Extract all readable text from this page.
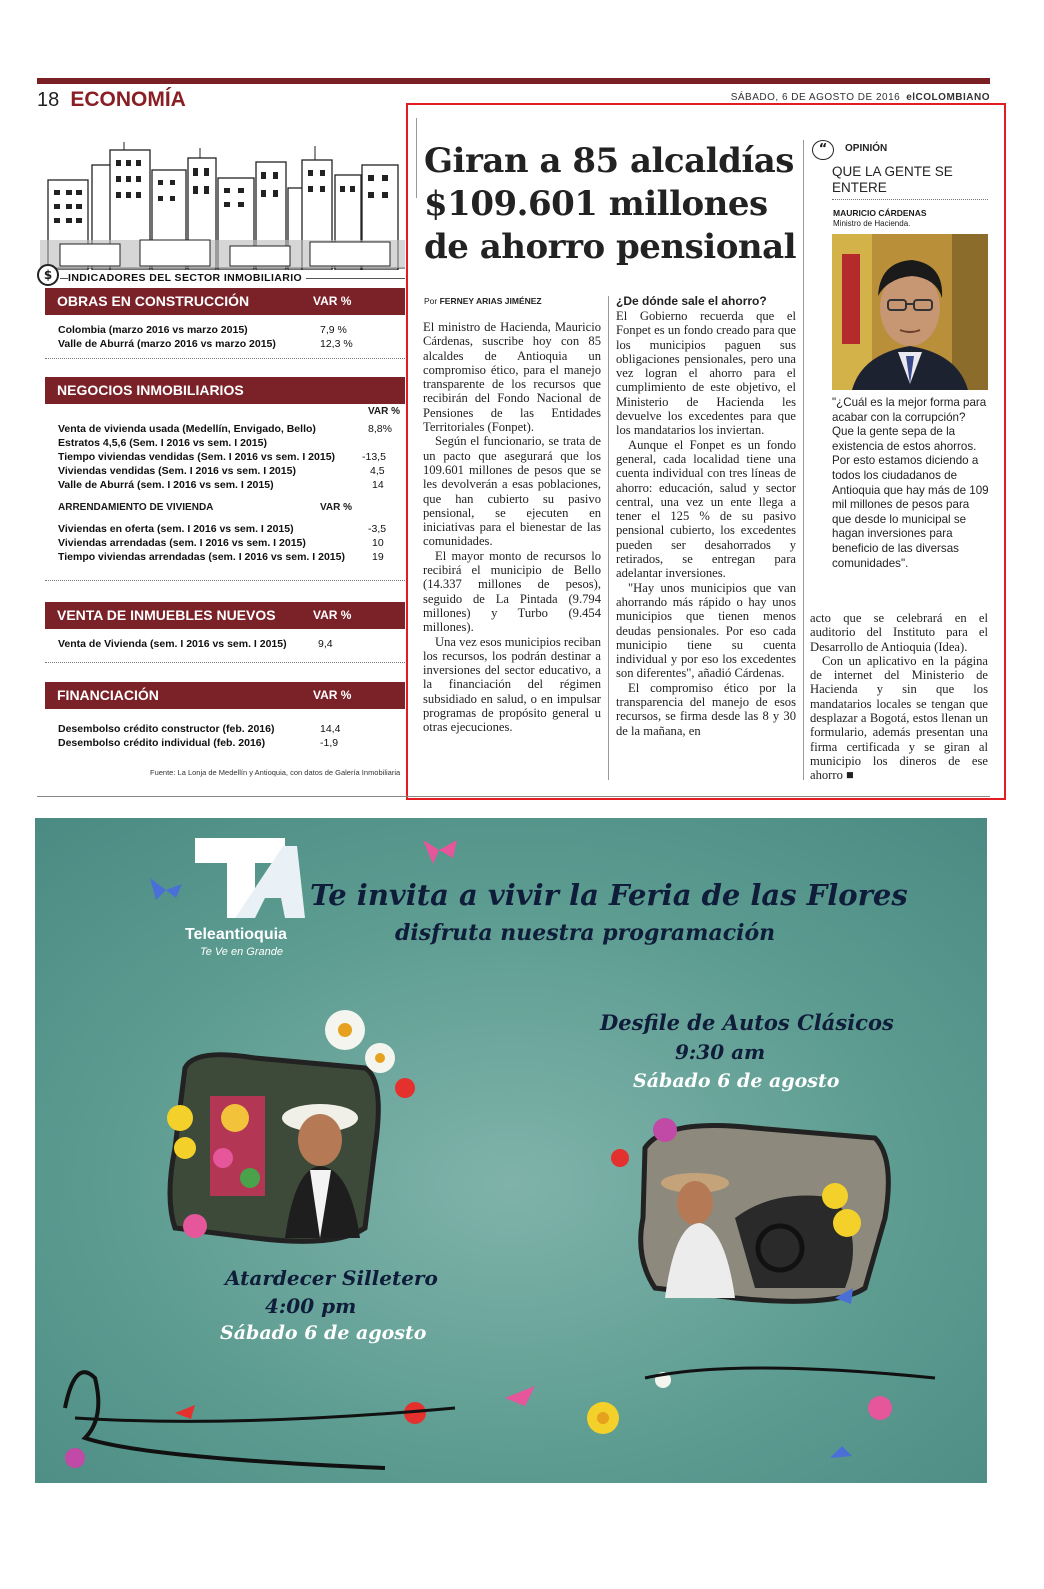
18 ECONOMÍA	SÁBADO, 6 DE AGOSTO DE 2016 elCOLOMBIANO
$	INDICADORES DEL SECTOR INMOBILIARIO
OBRAS EN CONSTRUCCIÓN	VAR %
Colombia (marzo 2016 vs marzo 2015)	7,9 %
Valle de Aburrá (marzo 2016 vs marzo 2015)	12,3 %
NEGOCIOS INMOBILIARIOS
VAR %
Venta de vivienda usada (Medellín, Envigado, Bello)	8,8%
Estratos 4,5,6 (Sem. I 2016 vs sem. I 2015)
Tiempo viviendas vendidas (Sem. I 2016 vs sem. I 2015)	-13,5
Viviendas vendidas (Sem. I 2016 vs sem. I 2015)	4,5
Valle de Aburrá (sem. I 2016 vs sem. I 2015)	14
ARRENDAMIENTO DE VIVIENDA	VAR %
Viviendas en oferta (sem. I 2016 vs sem. I 2015)	-3,5
Viviendas arrendadas (sem. I 2016 vs sem. I 2015)	10
Tiempo viviendas arrendadas (sem. I 2016 vs sem. I 2015)	19
VENTA DE INMUEBLES NUEVOS	VAR %
Venta de Vivienda (sem. I 2016 vs sem. I 2015)	9,4
FINANCIACIÓN	VAR %
Desembolso crédito constructor (feb. 2016)	14,4
Desembolso crédito individual (feb. 2016)	-1,9
Fuente: La Lonja de Medellín y Antioquia, con datos de Galería Inmobiliaria
Giran a 85 alcaldías $109.601 millones de ahorro pensional
Por FERNEY ARIAS JIMÉNEZ

El ministro de Hacienda, Mauricio Cárdenas, suscribe hoy con 85 alcaldes de Antioquia un compromiso ético, para el manejo transparente de los recursos que recibirán del Fondo Nacional de Pensiones de las Entidades Territoriales (Fonpet).

Según el funcionario, se trata de un pacto que asegurará que los 109.601 millones de pesos que se les devolverán a esas poblaciones, que han cubierto su pasivo pensional, se ejecuten en iniciativas para el bienestar de las comunidades.

El mayor monto de recursos lo recibirá el municipio de Bello (14.337 millones de pesos), seguido de La Pintada (9.794 millones) y Turbo (9.454 millones).

Una vez esos municipios reciban los recursos, los podrán destinar a inversiones del sector educativo, a la financiación del régimen subsidiado en salud, o en impulsar programas de propósito general u otras ejecuciones.

¿De dónde sale el ahorro?

El Gobierno recuerda que el Fonpet es un fondo creado para que los municipios paguen sus obligaciones pensionales, pero una vez logran el ahorro para el cumplimiento de este objetivo, el Ministerio de Hacienda les devuelve los excedentes para que los mandatarios los inviertan.

Aunque el Fonpet es un fondo general, cada localidad tiene una cuenta individual con tres líneas de ahorro: educación, salud y sector central, una vez un ente llega a tener el 125 % de su pasivo pensional cubierto, los excedentes pueden ser desahorrados y retirados, se entregan para adelantar inversiones.

"Hay unos municipios que van ahorrando más rápido o hay unos municipios que tienen menos deudas pensionales. Por eso cada municipio tiene su cuenta individual y por eso los excedentes son diferentes", añadió Cárdenas.

El compromiso ético por la transparencia del manejo de esos recursos, se firma desde las 8 y 30 de la mañana, en

acto que se celebrará en el auditorio del Instituto para el Desarrollo de Antioquia (Idea).

Con un aplicativo en la página de internet del Ministerio de Hacienda y sin que los mandatarios locales se tengan que desplazar a Bogotá, estos llenan un formulario, además presentan una firma certificada y se giran al municipio los dineros de ese ahorro ■

“	OPINIÓN
QUE LA GENTE SE ENTERE
MAURICIO CÁRDENAS
Ministro de Hacienda.
"¿Cuál es la mejor forma para acabar con la corrupción? Que la gente sepa de la existencia de estos ahorros. Por esto estamos diciendo a todos los ciudadanos de Antioquia que hay más de 109 mil millones de pesos para que desde lo municipal se hagan inversiones para beneficio de las diversas comunidades".
Teleantioquia
Te Ve en Grande
Te invita a vivir la Feria de las Flores
disfruta nuestra programación
Desfile de Autos Clásicos
9:30 am
Sábado 6 de agosto
Atardecer Silletero
4:00 pm
Sábado 6 de agosto
